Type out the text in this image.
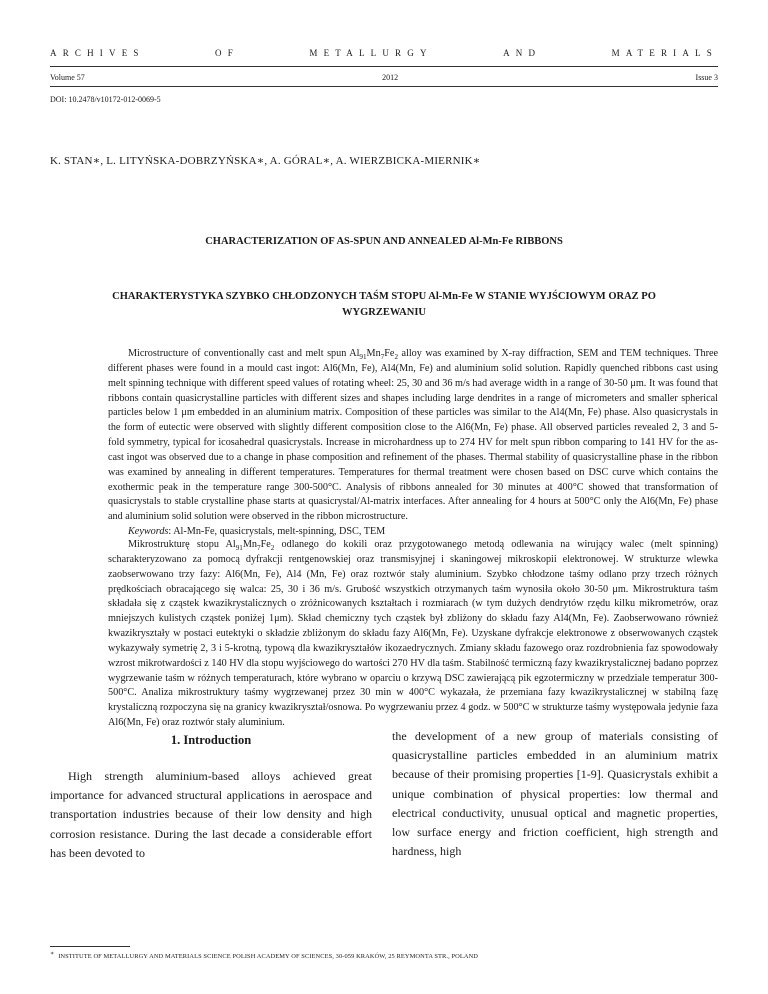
ARCHIVES	OF	METALLURGY	AND	MATERIALS
Volume 57	2012	Issue 3
DOI: 10.2478/v10172-012-0069-5
K. STAN∗, L. LITYŃSKA-DOBRZYŃSKA∗, A. GÓRAL∗, A. WIERZBICKA-MIERNIK∗
CHARACTERIZATION OF AS-SPUN AND ANNEALED Al-Mn-Fe RIBBONS
CHARAKTERYSTYKA SZYBKO CHŁODZONYCH TAŚM STOPU Al-Mn-Fe W STANIE WYJŚCIOWYM ORAZ PO WYGRZEWANIU

Microstructure of conventionally cast and melt spun $Al_{91}Mn_7Fe_2$ alloy was examined by X-ray diffraction, SEM and TEM techniques. Three different phases were found in a mould cast ingot: Al6(Mn, Fe), Al4(Mn, Fe) and aluminium solid solution. Rapidly quenched ribbons cast using melt spinning technique with different speed values of rotating wheel: 25, 30 and 36 m/s had average width in a range of 30-50 μm. It was found that ribbons contain quasicrystalline particles with different sizes and shapes including large dendrites in a range of micrometers and smaller spherical particles below 1 μm embedded in an aluminium matrix. Composition of these particles was similar to the Al4(Mn, Fe) phase. Also quasicrystals in the form of eutectic were observed with slightly different composition close to the Al6(Mn, Fe) phase. All observed particles revealed 2, 3 and 5- fold symmetry, typical for icosahedral quasicrystals. Increase in microhardness up to 274 HV for melt spun ribbon comparing to 141 HV for the as-cast ingot was observed due to a change in phase composition and refinement of the phases. Thermal stability of quasicrystalline phase in the ribbon was examined by annealing in different temperatures. Temperatures for thermal treatment were chosen based on DSC curve which contains the exothermic peak in the temperature range 300-500°C. Analysis of ribbons annealed for 30 minutes at 400°C showed that transformation of quasicrystals to stable crystalline phase starts at quasicrystal/Al-matrix interfaces. After annealing for 4 hours at 500°C only the Al6(Mn, Fe) phase and aluminium solid solution were observed in the ribbon microstructure.

Keywords: Al-Mn-Fe, quasicrystals, melt-spinning, DSC, TEM

Mikrostrukturę stopu $Al_{91}Mn_7Fe_2$ odlanego do kokili oraz przygotowanego metodą odlewania na wirujący walec (melt spinning) scharakteryzowano za pomocą dyfrakcji rentgenowskiej oraz transmisyjnej i skaningowej mikroskopii elektronowej. W strukturze wlewka zaobserwowano trzy fazy: Al6(Mn, Fe), Al4 (Mn, Fe) oraz roztwór stały aluminium. Szybko chłodzone taśmy odlano przy trzech różnych prędkościach obracającego się walca: 25, 30 i 36 m/s. Grubość wszystkich otrzymanych taśm wynosiła około 30-50 μm. Mikrostruktura taśm składała się z cząstek kwazikrystalicznych o zróżnicowanych kształtach i rozmiarach (w tym dużych dendrytów rzędu kilku mikrometrów, oraz mniejszych kulistych cząstek poniżej 1μm). Skład chemiczny tych cząstek był zbliżony do składu fazy Al4(Mn, Fe). Zaobserwowano również kwazikryształy w postaci eutektyki o składzie zbliżonym do składu fazy Al6(Mn, Fe). Uzyskane dyfrakcje elektronowe z obserwowanych cząstek wykazywały symetrię 2, 3 i 5-krotną, typową dla kwazikryształów ikozaedrycznych. Zmiany składu fazowego oraz rozdrobnienia faz spowodowały wzrost mikrotwardości z 140 HV dla stopu wyjściowego do wartości 270 HV dla taśm. Stabilność termiczną fazy kwazikrystalicznej badano poprzez wygrzewanie taśm w różnych temperaturach, które wybrano w oparciu o krzywą DSC zawierającą pik egzotermiczny w przedziale temperatur 300-500°C. Analiza mikrostruktury taśmy wygrzewanej przez 30 min w 400°C wykazała, że przemiana fazy kwazikrystalicznej w stabilną fazę krystaliczną rozpoczyna się na granicy kwazikryształ/osnowa. Po wygrzewaniu przez 4 godz. w 500°C w strukturze taśmy występowała jedynie faza Al6(Mn, Fe) oraz roztwór stały aluminium.

1. Introduction

High strength aluminium-based alloys achieved great importance for advanced structural applications in aerospace and transportation industries because of their low density and high corrosion resistance. During the last decade a considerable effort has been devoted to

the development of a new group of materials consisting of quasicrystalline particles embedded in an aluminium matrix because of their promising properties [1-9]. Quasicrystals exhibit a unique combination of physical properties: low thermal and electrical conductivity, unusual optical and magnetic properties, low surface energy and friction coefficient, high strength and hardness, high
∗ INSTITUTE OF METALLURGY AND MATERIALS SCIENCE POLISH ACADEMY OF SCIENCES, 30-059 KRAKÓW, 25 REYMONTA STR., POLAND
